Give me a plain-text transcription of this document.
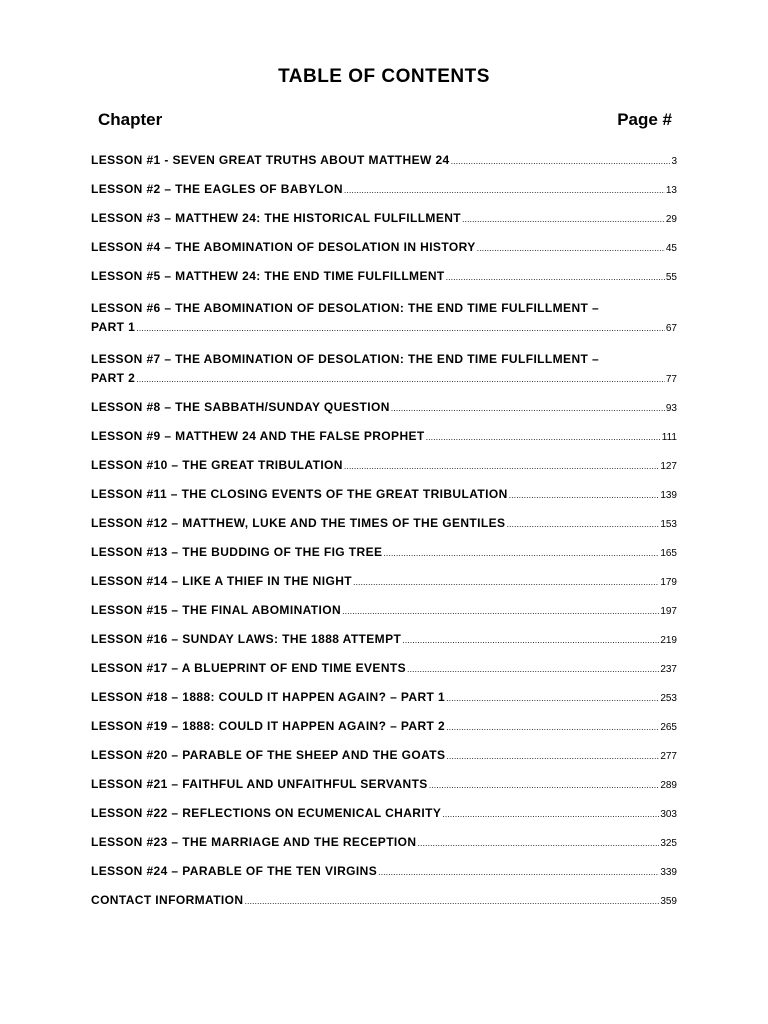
TABLE OF CONTENTS
Chapter	Page #
LESSON #1 - SEVEN GREAT TRUTHS ABOUT MATTHEW 24 .....	3
LESSON #2 – THE EAGLES OF BABYLON .....	13
LESSON #3 – MATTHEW 24: THE HISTORICAL FULFILLMENT .....	29
LESSON #4 – THE ABOMINATION OF DESOLATION IN HISTORY .....	45
LESSON #5 – MATTHEW 24: THE END TIME FULFILLMENT .....	55
LESSON #6 – THE ABOMINATION OF DESOLATION: THE END TIME FULFILLMENT –
PART 1 .....	67
LESSON #7 – THE ABOMINATION OF DESOLATION: THE END TIME FULFILLMENT –
PART 2 .....	77
LESSON #8 – THE SABBATH/SUNDAY QUESTION .....	93
LESSON #9 – MATTHEW 24 AND THE FALSE PROPHET .....	111
LESSON #10 – THE GREAT TRIBULATION .....	127
LESSON #11 – THE CLOSING EVENTS OF THE GREAT TRIBULATION .....	139
LESSON #12 – MATTHEW, LUKE AND THE TIMES OF THE GENTILES .....	153
LESSON #13 – THE BUDDING OF THE FIG TREE .....	165
LESSON #14 – LIKE A THIEF IN THE NIGHT .....	179
LESSON #15 – THE FINAL ABOMINATION .....	197
LESSON #16 – SUNDAY LAWS: THE 1888 ATTEMPT .....	219
LESSON #17 – A BLUEPRINT OF END TIME EVENTS .....	237
LESSON #18 – 1888: COULD IT HAPPEN AGAIN? – PART 1 .....	253
LESSON #19 – 1888: COULD IT HAPPEN AGAIN? – PART 2 .....	265
LESSON #20 – PARABLE OF THE SHEEP AND THE GOATS .....	277
LESSON #21 – FAITHFUL AND UNFAITHFUL SERVANTS .....	289
LESSON #22 – REFLECTIONS ON ECUMENICAL CHARITY .....	303
LESSON #23 – THE MARRIAGE AND THE RECEPTION .....	325
LESSON #24 – PARABLE OF THE TEN VIRGINS .....	339
CONTACT INFORMATION .....	359
